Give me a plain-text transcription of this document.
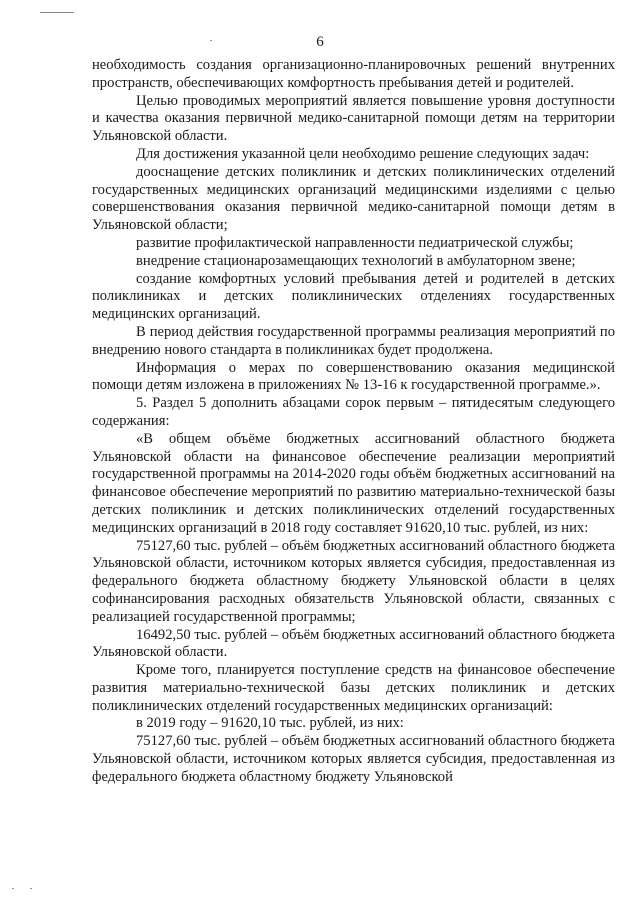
6

необходимость создания организационно-планировочных решений внутренних пространств, обеспечивающих комфортность пребывания детей и родителей.

Целью проводимых мероприятий является повышение уровня доступности и качества оказания первичной медико-санитарной помощи детям на территории Ульяновской области.

Для достижения указанной цели необходимо решение следующих задач:

дооснащение детских поликлиник и детских поликлинических отделений государственных медицинских организаций медицинскими изделиями с целью совершенствования оказания первичной медико-санитарной помощи детям в Ульяновской области;

развитие профилактической направленности педиатрической службы;

внедрение стационарозамещающих технологий в амбулаторном звене;

создание комфортных условий пребывания детей и родителей в детских поликлиниках и детских поликлинических отделениях государственных медицинских организаций.

В период действия государственной программы реализация мероприятий по внедрению нового стандарта в поликлиниках будет продолжена.

Информация о мерах по совершенствованию оказания медицинской помощи детям изложена в приложениях № 13-16 к государственной программе.».

5. Раздел 5 дополнить абзацами сорок первым – пятидесятым следующего содержания:

«В общем объёме бюджетных ассигнований областного бюджета Ульяновской области на финансовое обеспечение реализации мероприятий государственной программы на 2014-2020 годы объём бюджетных ассигнований на финансовое обеспечение мероприятий по развитию материально-технической базы детских поликлиник и детских поликлинических отделений государственных медицинских организаций в 2018 году составляет 91620,10 тыс. рублей, из них:

75127,60 тыс. рублей – объём бюджетных ассигнований областного бюджета Ульяновской области, источником которых является субсидия, предоставленная из федерального бюджета областному бюджету Ульяновской области в целях софинансирования расходных обязательств Ульяновской области, связанных с реализацией государственной программы;

16492,50 тыс. рублей – объём бюджетных ассигнований областного бюджета Ульяновской области.

Кроме того, планируется поступление средств на финансовое обеспечение развития материально-технической базы детских поликлиник и детских поликлинических отделений государственных медицинских организаций:

в 2019 году – 91620,10 тыс. рублей, из них:

75127,60 тыс. рублей – объём бюджетных ассигнований областного бюджета Ульяновской области, источником которых является субсидия, предоставленная из федерального бюджета областному бюджету Ульяновской
